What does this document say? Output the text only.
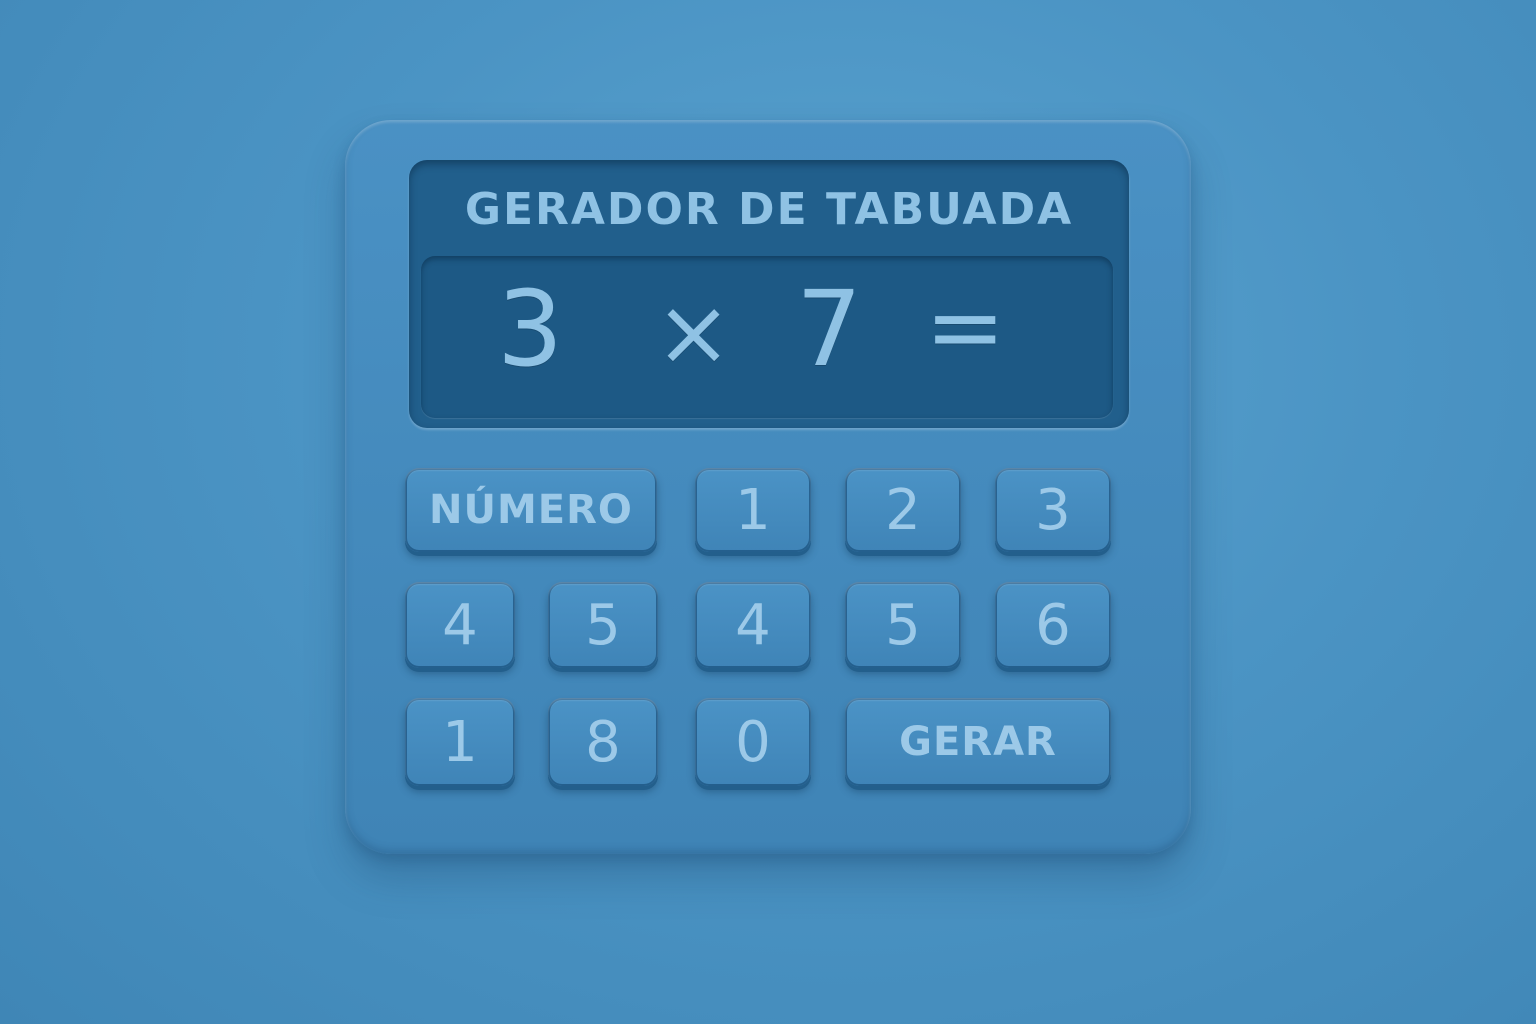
GERADOR DE TABUADA
3 × 7 =
NÚMERO	1	2	3
4	5	4	5	6
1	8	0	GERAR
